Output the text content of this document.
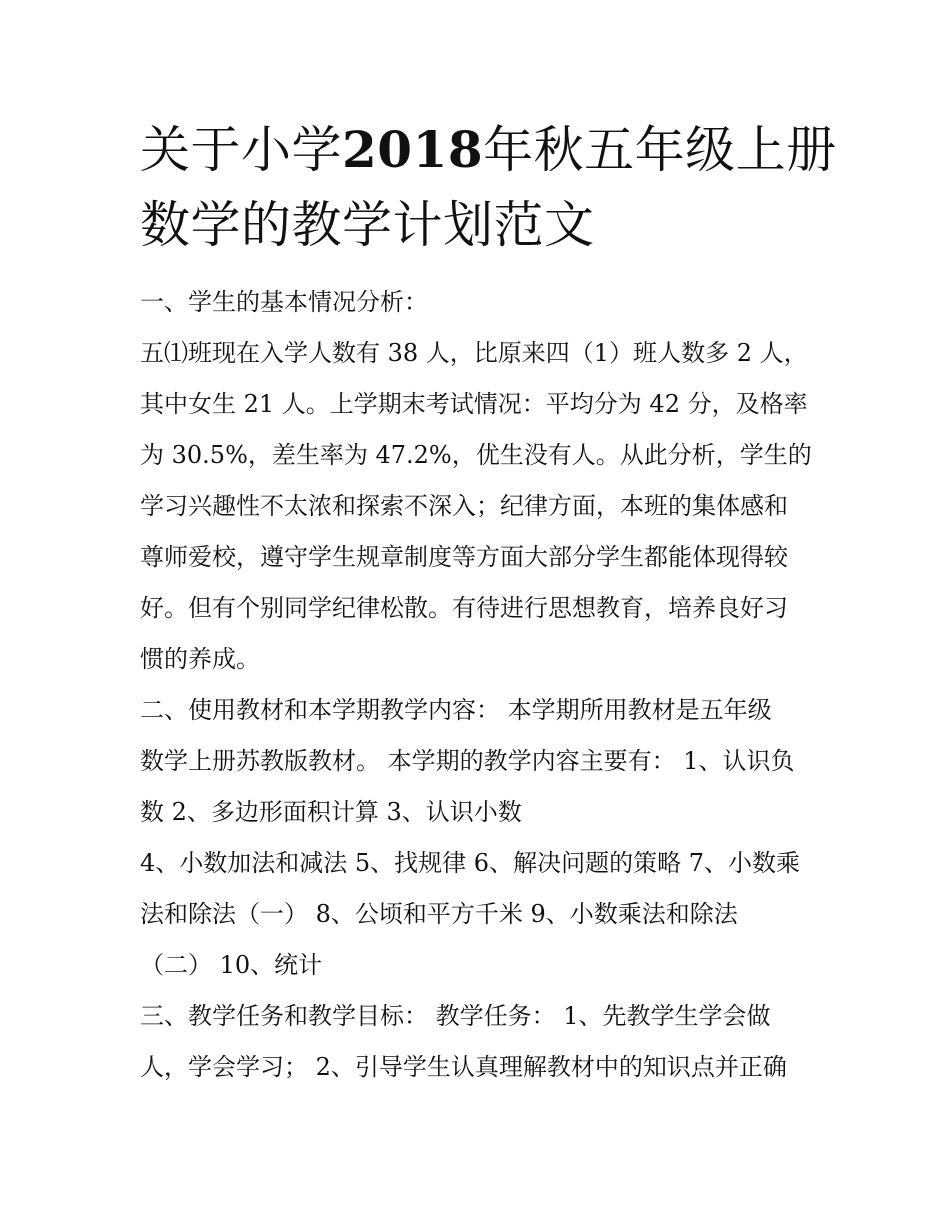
关于小学2018年秋五年级上册
数学的教学计划范文
一、学生的基本情况分析：
五⑴班现在入学人数有 38 人，比原来四（1）班人数多 2 人，
其中女生 21 人。上学期末考试情况：平均分为 42 分，及格率
为 30.5%，差生率为 47.2%，优生没有人。从此分析，学生的
学习兴趣性不太浓和探索不深入；纪律方面，本班的集体感和
尊师爱校，遵守学生规章制度等方面大部分学生都能体现得较
好。但有个别同学纪律松散。有待进行思想教育，培养良好习
惯的养成。
二、使用教材和本学期教学内容： 本学期所用教材是五年级
数学上册苏教版教材。 本学期的教学内容主要有： 1、认识负
数 2、多边形面积计算 3、认识小数
4、小数加法和减法 5、找规律 6、解决问题的策略 7、小数乘
法和除法（一） 8、公顷和平方千米 9、小数乘法和除法
（二） 10、统计
三、教学任务和教学目标： 教学任务： 1、先教学生学会做
人，学会学习； 2、引导学生认真理解教材中的知识点并正确
